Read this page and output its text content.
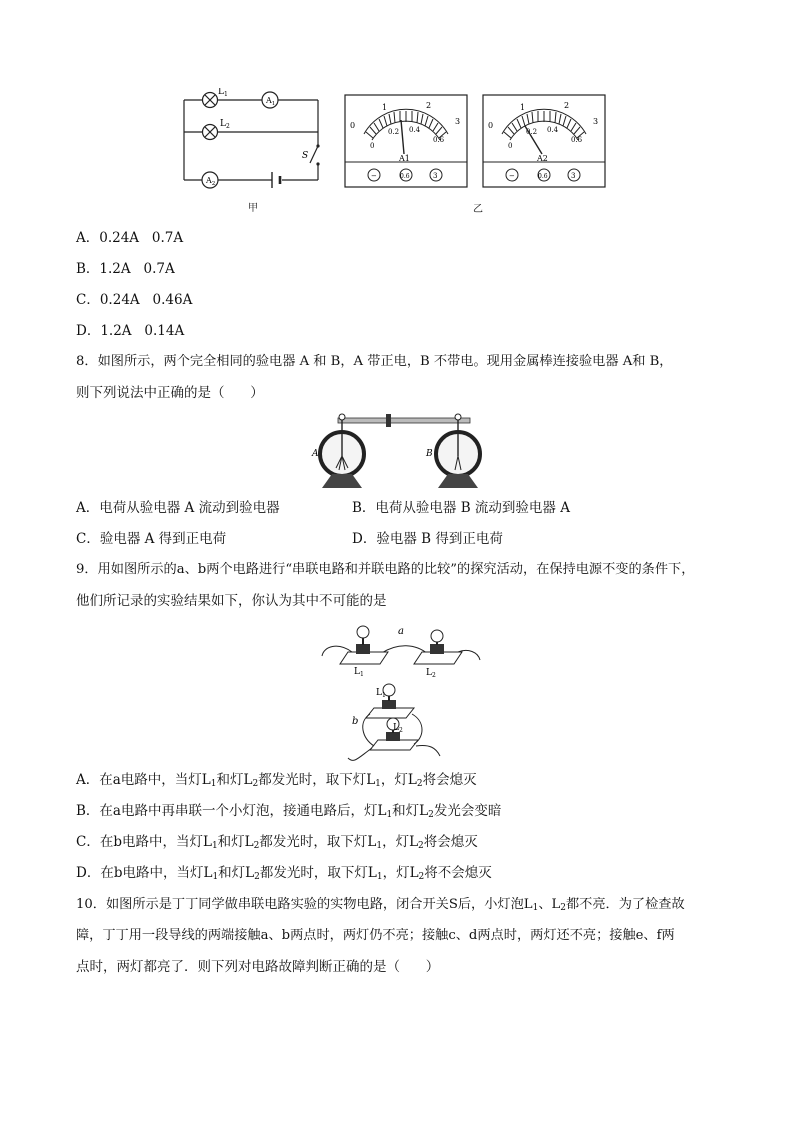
$L_1$
$L_2$
$A_1$
$A_2$
S
甲
0
1	2
3
0
0.2 0.4
0.6
A1
−	0.6	3
0
1	2
3
0
0.2 0.4
0.6
A2
−	0.6	3
乙
A．0.24A   0.7A
B．1.2A   0.7A
C．0.24A   0.46A
D．1.2A   0.14A
8．如图所示，两个完全相同的验电器 A 和 B，A 带正电，B 不带电。现用金属棒连接验电器 A和 B，
则下列说法中正确的是（      ）
A	B
A．电荷从验电器 A 流动到验电器	B．电荷从验电器 B 流动到验电器 A
C．验电器 A 得到正电荷	D．验电器 B 得到正电荷
9．用如图所示的a、b两个电路进行“串联电路和并联电路的比较”的探究活动，在保持电源不变的条件下，
他们所记录的实验结果如下，你认为其中不可能的是
a
$L_1$	$L_2$
b
$L_1$
$L_2$
A．在a电路中，当灯$L_1$和灯$L_2$都发光时，取下灯$L_1$，灯$L_2$将会熄灭
B．在a电路中再串联一个小灯泡，接通电路后，灯$L_1$和灯$L_2$发光会变暗
C．在b电路中，当灯$L_1$和灯$L_2$都发光时，取下灯$L_1$，灯$L_2$将会熄灭
D．在b电路中，当灯$L_1$和灯$L_2$都发光时，取下灯$L_1$，灯$L_2$将不会熄灭
10．如图所示是丁丁同学做串联电路实验的实物电路，闭合开关S后，小灯泡$L_1$、$L_2$都不亮．为了检查故
障，丁丁用一段导线的两端接触a、b两点时，两灯仍不亮；接触c、d两点时，两灯还不亮；接触e、f两
点时，两灯都亮了．则下列对电路故障判断正确的是（      ）
